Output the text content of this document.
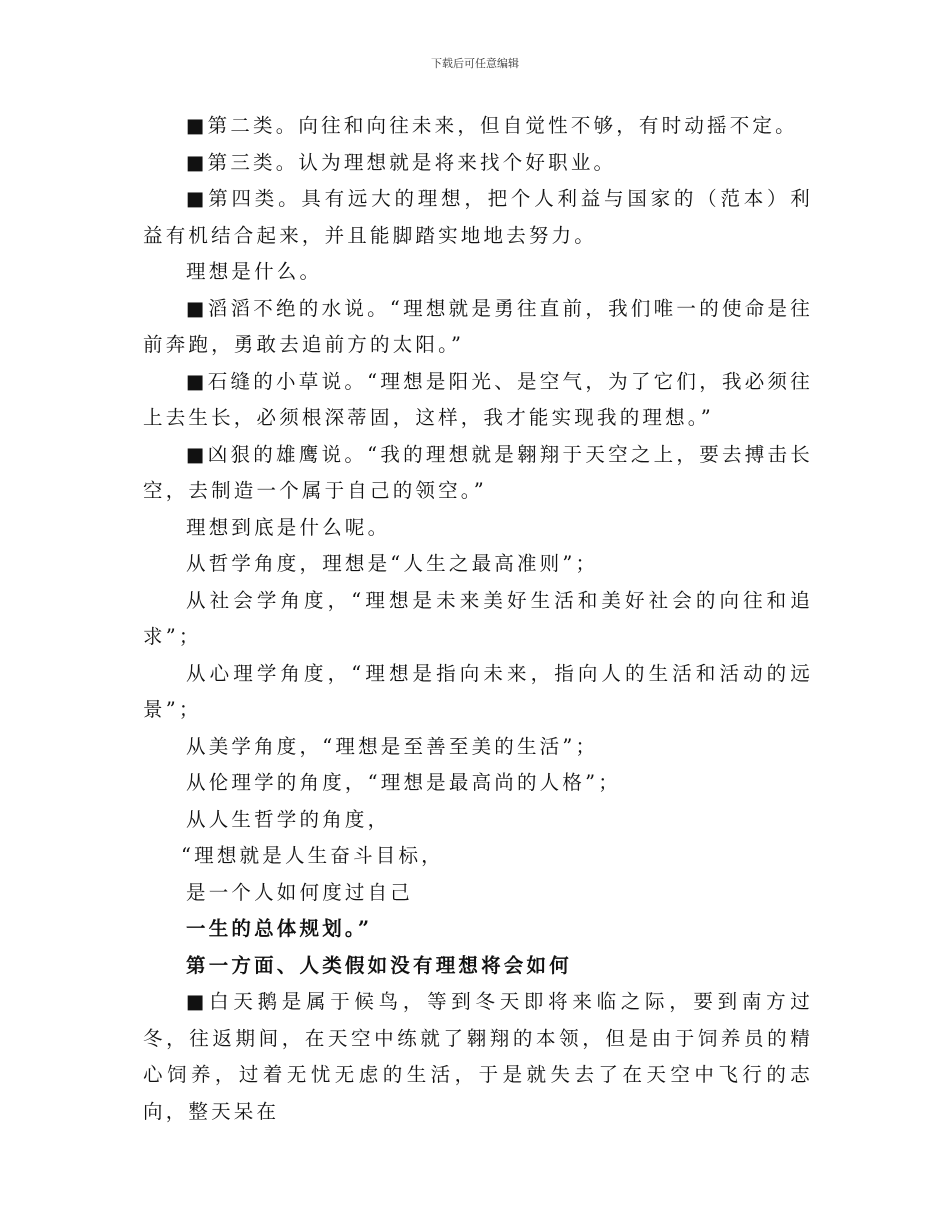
下载后可任意编辑

■第二类。向往和向往未来，但自觉性不够，有时动摇不定。

■第三类。认为理想就是将来找个好职业。

■第四类。具有远大的理想，把个人利益与国家的（范本）利益有机结合起来，并且能脚踏实地地去努力。

理想是什么。

■滔滔不绝的水说。“理想就是勇往直前，我们唯一的使命是往前奔跑，勇敢去追前方的太阳。”

■石缝的小草说。“理想是阳光、是空气，为了它们，我必须往上去生长，必须根深蒂固，这样，我才能实现我的理想。”

■凶狠的雄鹰说。“我的理想就是翱翔于天空之上，要去搏击长空，去制造一个属于自己的领空。”

理想到底是什么呢。

从哲学角度，理想是“人生之最高准则”；

从社会学角度，“理想是未来美好生活和美好社会的向往和追求”；

从心理学角度，“理想是指向未来，指向人的生活和活动的远景”；

从美学角度，“理想是至善至美的生活”；

从伦理学的角度，“理想是最高尚的人格”；

从人生哲学的角度，

“理想就是人生奋斗目标，

是一个人如何度过自己

一生的总体规划。”

第一方面、人类假如没有理想将会如何

■白天鹅是属于候鸟，等到冬天即将来临之际，要到南方过冬，往返期间，在天空中练就了翱翔的本领，但是由于饲养员的精心饲养，过着无忧无虑的生活，于是就失去了在天空中飞行的志向，整天呆在
